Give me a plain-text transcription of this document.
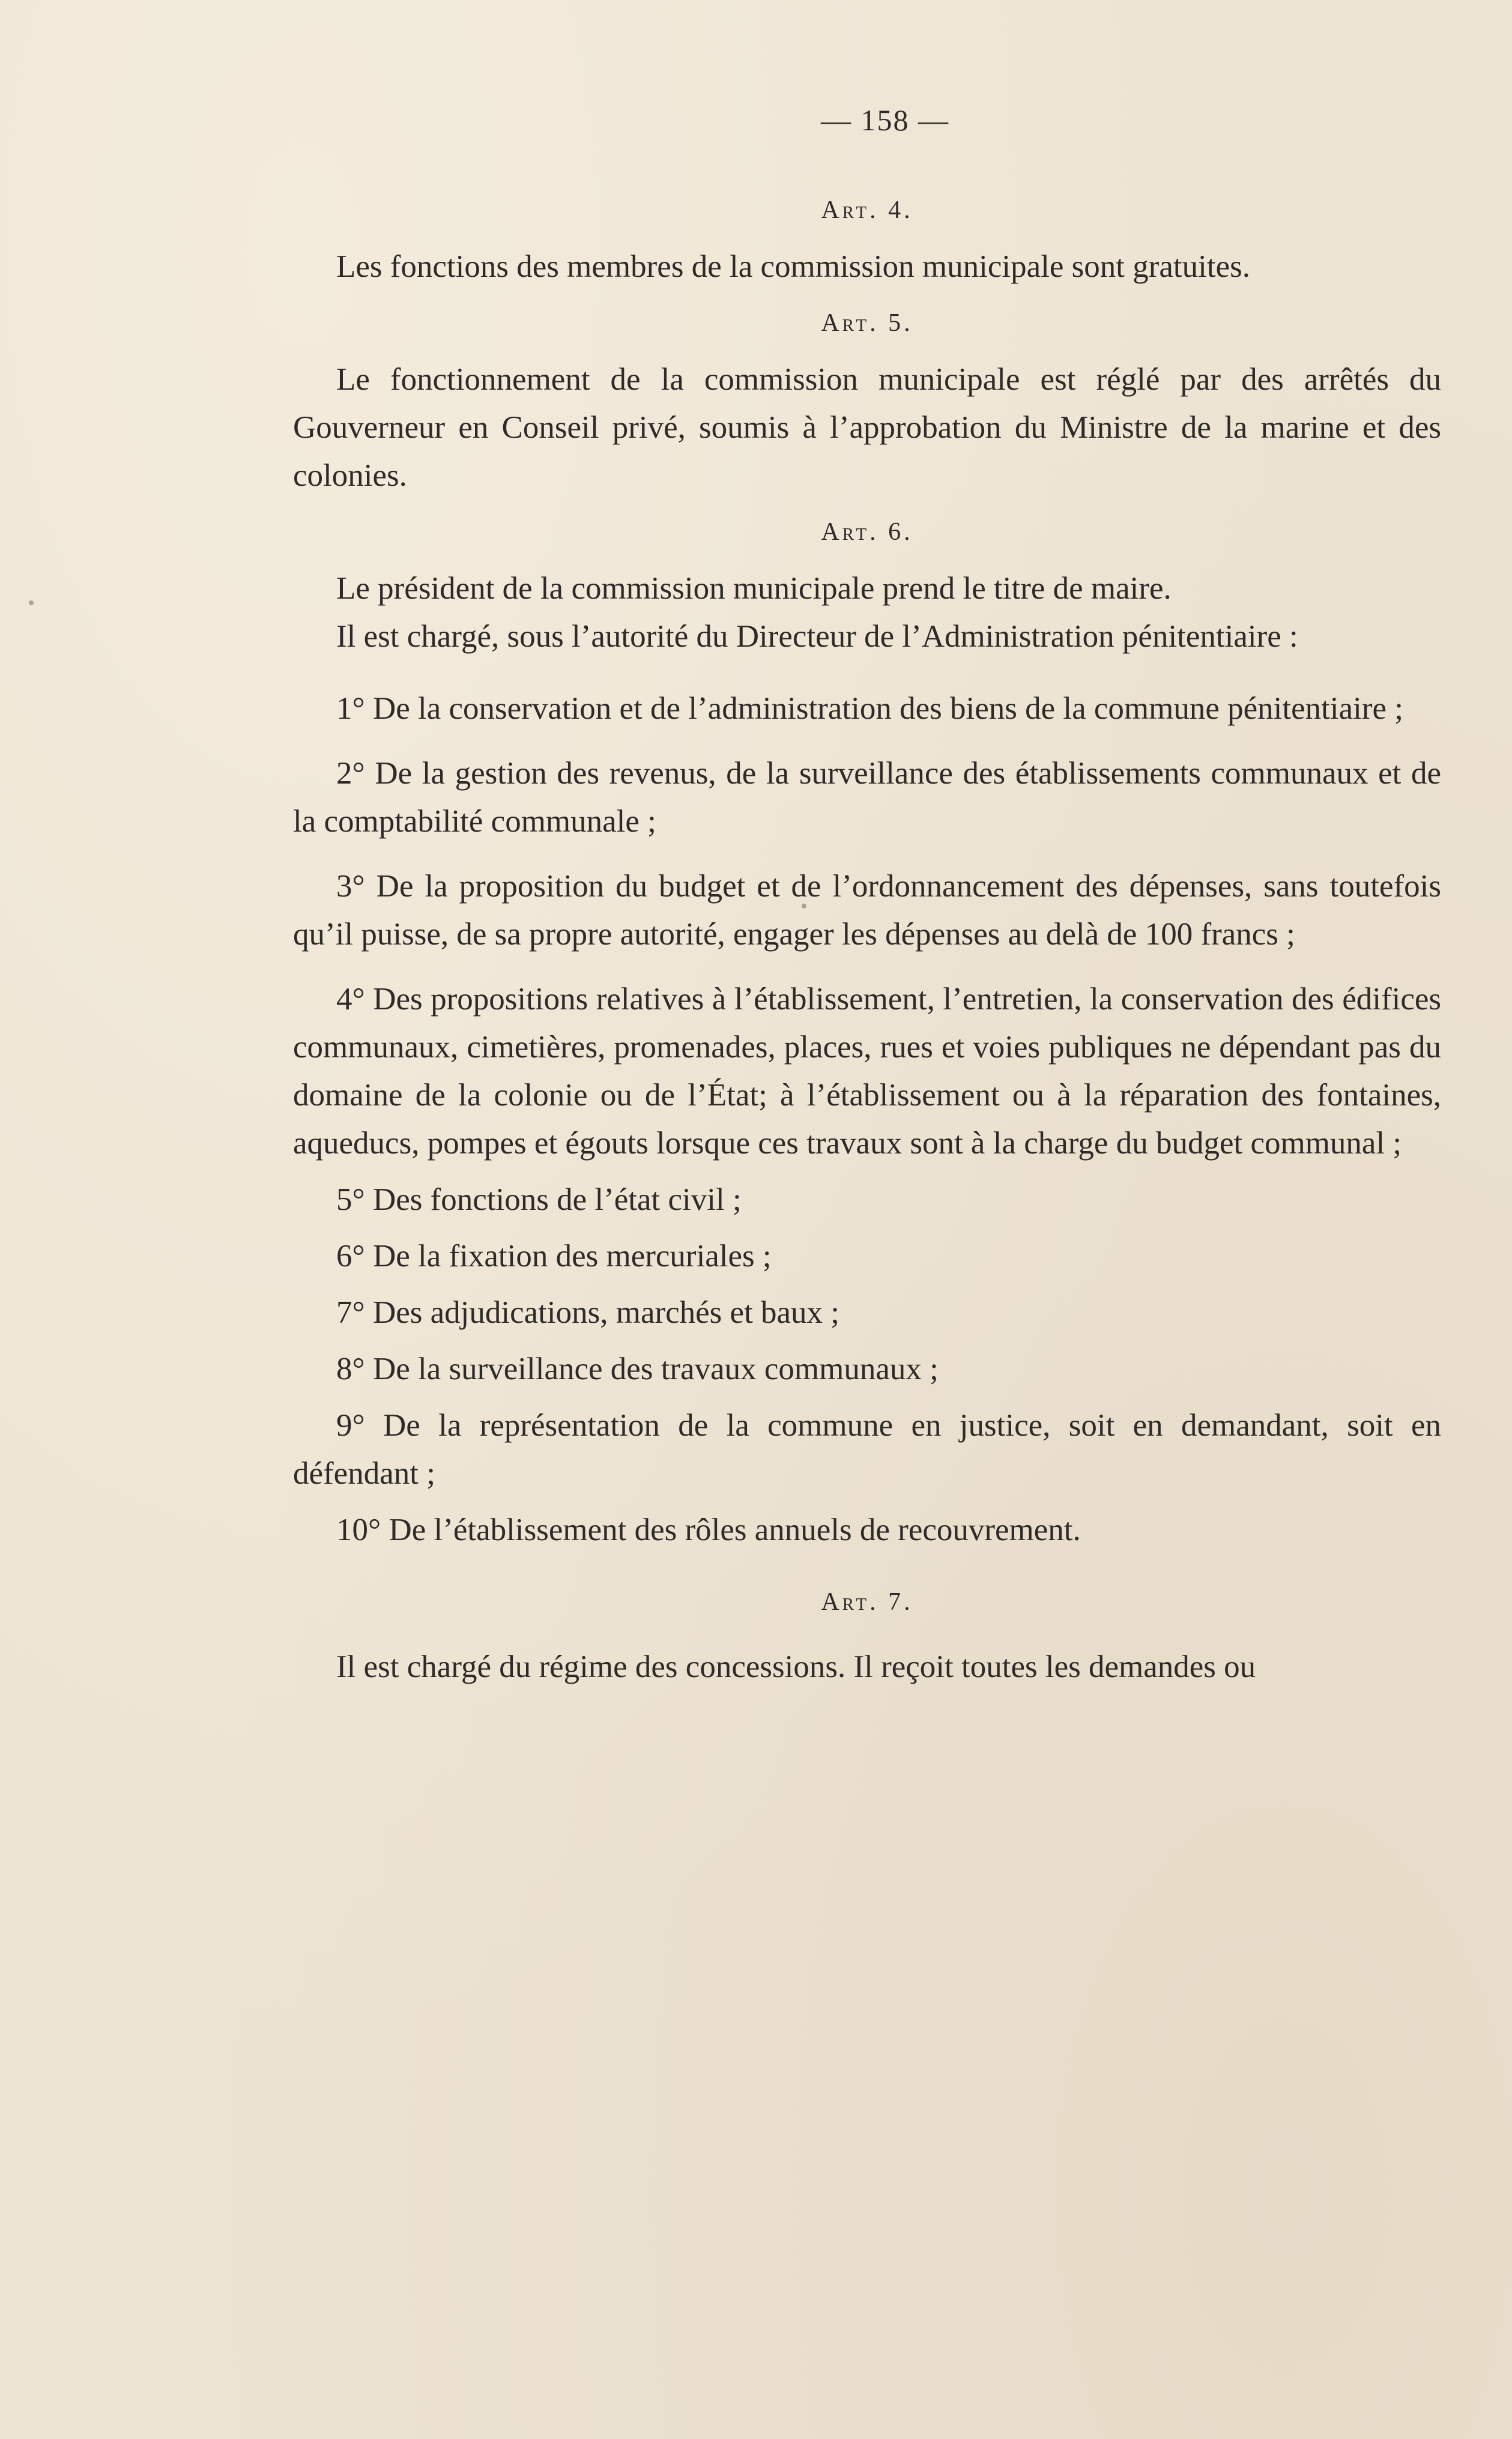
— 158 —
Art. 4.

Les fonctions des membres de la commission municipale sont gratuites.

Art. 5.

Le fonctionnement de la commission municipale est réglé par des arrêtés du Gouverneur en Conseil privé, soumis à l’approbation du Ministre de la marine et des colonies.

Art. 6.

Le président de la commission municipale prend le titre de maire.

Il est chargé, sous l’autorité du Directeur de l’Administration pénitentiaire :

1° De la conservation et de l’administration des biens de la commune pénitentiaire ;

2° De la gestion des revenus, de la surveillance des établissements communaux et de la comptabilité communale ;

3° De la proposition du budget et de l’ordonnancement des dépenses, sans toutefois qu’il puisse, de sa propre autorité, engager les dépenses au delà de 100 francs ;

4° Des propositions relatives à l’établissement, l’entretien, la conservation des édifices communaux, cimetières, promenades, places, rues et voies publiques ne dépendant pas du domaine de la colonie ou de l’État; à l’établissement ou à la réparation des fontaines, aqueducs, pompes et égouts lorsque ces travaux sont à la charge du budget communal ;

5° Des fonctions de l’état civil ;

6° De la fixation des mercuriales ;

7° Des adjudications, marchés et baux ;

8° De la surveillance des travaux communaux ;

9° De la représentation de la commune en justice, soit en demandant, soit en défendant ;

10° De l’établissement des rôles annuels de recouvrement.

Art. 7.

Il est chargé du régime des concessions. Il reçoit toutes les demandes ou
